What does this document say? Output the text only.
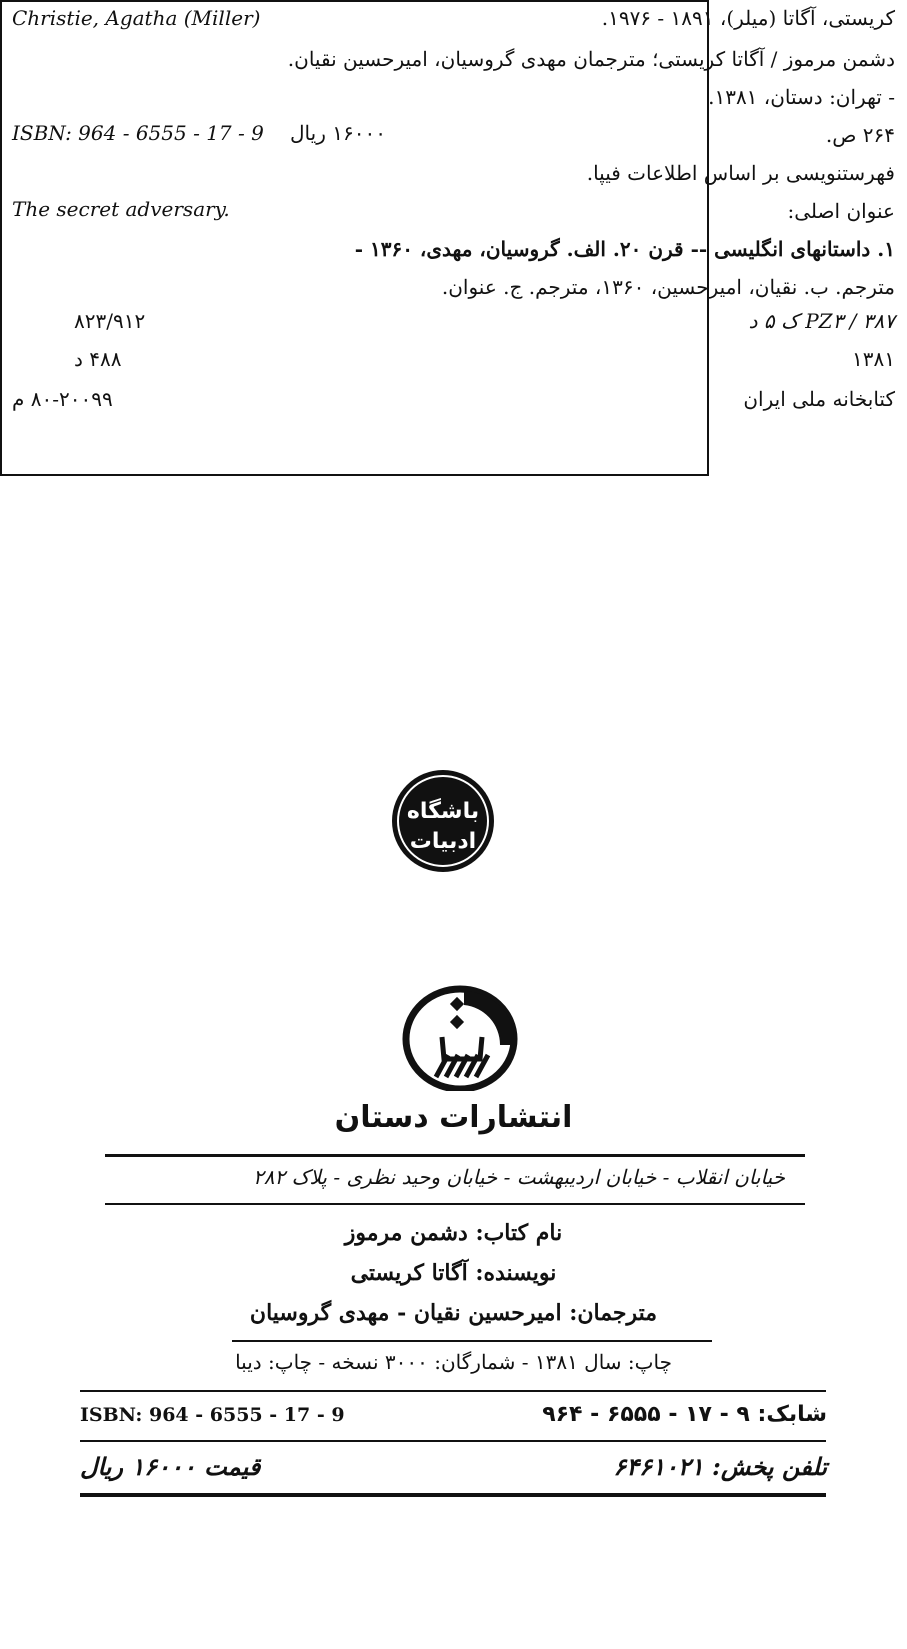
Christie, Agatha (Miller)	کریستی، آگاتا (میلر)، ۱۸۹۱ - ۱۹۷۶.
دشمن مرموز / آگاتا کریستی؛ مترجمان مهدی گروسیان، امیرحسین نقیان.
- تهران: دستان، ۱۳۸۱.
۲۶۴ ص.
ISBN: 964 - 6555 - 17 - 9 ۱۶۰۰۰ ریال
فهرستنویسی بر اساس اطلاعات فیپا.
The secret adversary.	عنوان اصلی:
۱. داستانهای انگلیسی -- قرن ۲۰. الف. گروسیان، مهدی، ۱۳۶۰ -
مترجم. ب. نقیان، امیرحسین، ۱۳۶۰، مترجم. ج. عنوان.
۸۲۳/۹۱۲	PZ۳ / ۳۸۷ ک ۵ د
۴۸۸ د	۱۳۸۱
۸۰-۲۰۰۹۹ م	کتابخانه ملی ایران
باشگاه
ادبیات
انتشارات دستان
خیابان انقلاب - خیابان اردیبهشت - خیابان وحید نظری - پلاک ۲۸۲
نام کتاب: دشمن مرموز
نویسنده: آگاتا کریستی
مترجمان: امیرحسین نقیان - مهدی گروسیان
چاپ: سال ۱۳۸۱ - شمارگان: ۳۰۰۰ نسخه - چاپ: دیبا
ISBN: 964 - 6555 - 17 - 9	شابک: ۹ - ۱۷ - ۶۵۵۵ - ۹۶۴
قیمت ۱۶۰۰۰ ریال	تلفن پخش: ۶۴۶۱۰۲۱
